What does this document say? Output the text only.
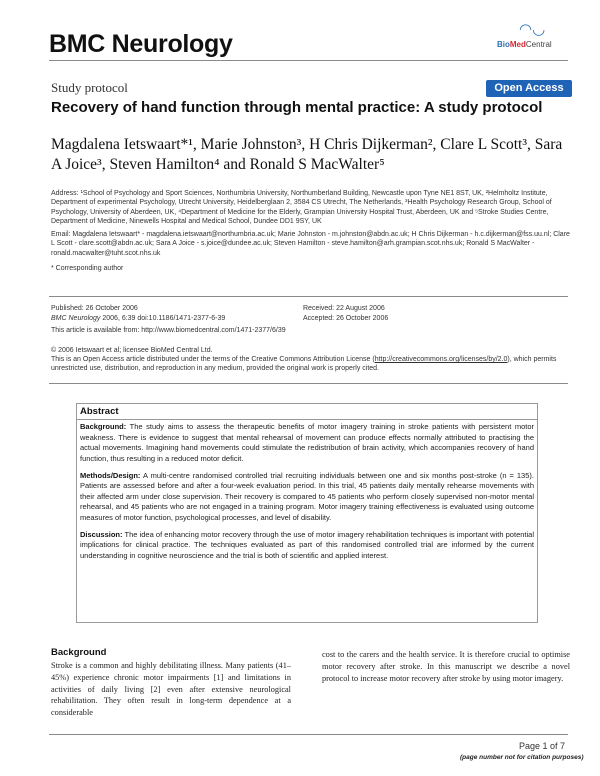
BMC Neurology
◠◡
BioMedCentral
Study protocol	Open Access
Recovery of hand function through mental practice: A study protocol
Magdalena Ietswaart*¹, Marie Johnston³, H Chris Dijkerman², Clare L Scott³, Sara A Joice³, Steven Hamilton⁴ and Ronald S MacWalter⁵
Address: ¹School of Psychology and Sport Sciences, Northumbria University, Northumberland Building, Newcastle upon Tyne NE1 8ST, UK, ²Helmholtz Institute, Department of experimental Psychology, Utrecht University, Heidelberglaan 2, 3584 CS Utrecht, The Netherlands, ³Health Psychology Research Group, School of Psychology, University of Aberdeen, UK, ⁴Department of Medicine for the Elderly, Grampian University Hospital Trust, Aberdeen, UK and ⁵Stroke Studies Centre, Department of Medicine, Ninewells Hospital and Medical School, Dundee DD1 9SY, UK
Email: Magdalena Ietswaart* - magdalena.ietswaart@northumbria.ac.uk; Marie Johnston - m.johnston@abdn.ac.uk; H Chris Dijkerman - h.c.dijkerman@fss.uu.nl; Clare L Scott - clare.scott@abdn.ac.uk; Sara A Joice - s.joice@dundee.ac.uk; Steven Hamilton - steve.hamilton@arh.grampian.scot.nhs.uk; Ronald S MacWalter - ronald.macwalter@tuht.scot.nhs.uk
* Corresponding author
Published: 26 October 2006	Received: 22 August 2006
BMC Neurology 2006, 6:39 doi:10.1186/1471-2377-6-39	Accepted: 26 October 2006
This article is available from: http://www.biomedcentral.com/1471-2377/6/39
© 2006 Ietswaart et al; licensee BioMed Central Ltd.
This is an Open Access article distributed under the terms of the Creative Commons Attribution License (http://creativecommons.org/licenses/by/2.0), which permits unrestricted use, distribution, and reproduction in any medium, provided the original work is properly cited.
Abstract

Background: The study aims to assess the therapeutic benefits of motor imagery training in stroke patients with persistent motor weakness. There is evidence to suggest that mental rehearsal of movement can produce effects normally attributed to practising the actual movements. Imagining hand movements could stimulate the redistribution of brain activity, which accompanies recovery of hand function, thus resulting in a reduced motor deficit.

Methods/Design: A multi-centre randomised controlled trial recruiting individuals between one and six months post-stroke (n = 135). Patients are assessed before and after a four-week evaluation period. In this trial, 45 patients daily mentally rehearse movements with their affected arm under close supervision. Their recovery is compared to 45 patients who perform closely supervised non-motor mental rehearsal, and 45 patients who are not engaged in a training program. Motor imagery training effectiveness is evaluated using outcome measures of motor function, psychological processes, and level of disability.

Discussion: The idea of enhancing motor recovery through the use of motor imagery rehabilitation techniques is important with potential implications for clinical practice. The techniques evaluated as part of this randomised controlled trial are informed by the current understanding in cognitive neuroscience and the trial is both of scientific and applied interest.

Background
Stroke is a common and highly debilitating illness. Many patients (41–45%) experience chronic motor impairments [1] and limitations in activities of daily living [2] even after extensive neurological rehabilitation. They often result in long-term dependence at a considerable
cost to the carers and the health service. It is therefore crucial to optimise motor recovery after stroke. In this manuscript we describe a novel protocol to increase motor recovery after stroke by using motor imagery.
Page 1 of 7
(page number not for citation purposes)
